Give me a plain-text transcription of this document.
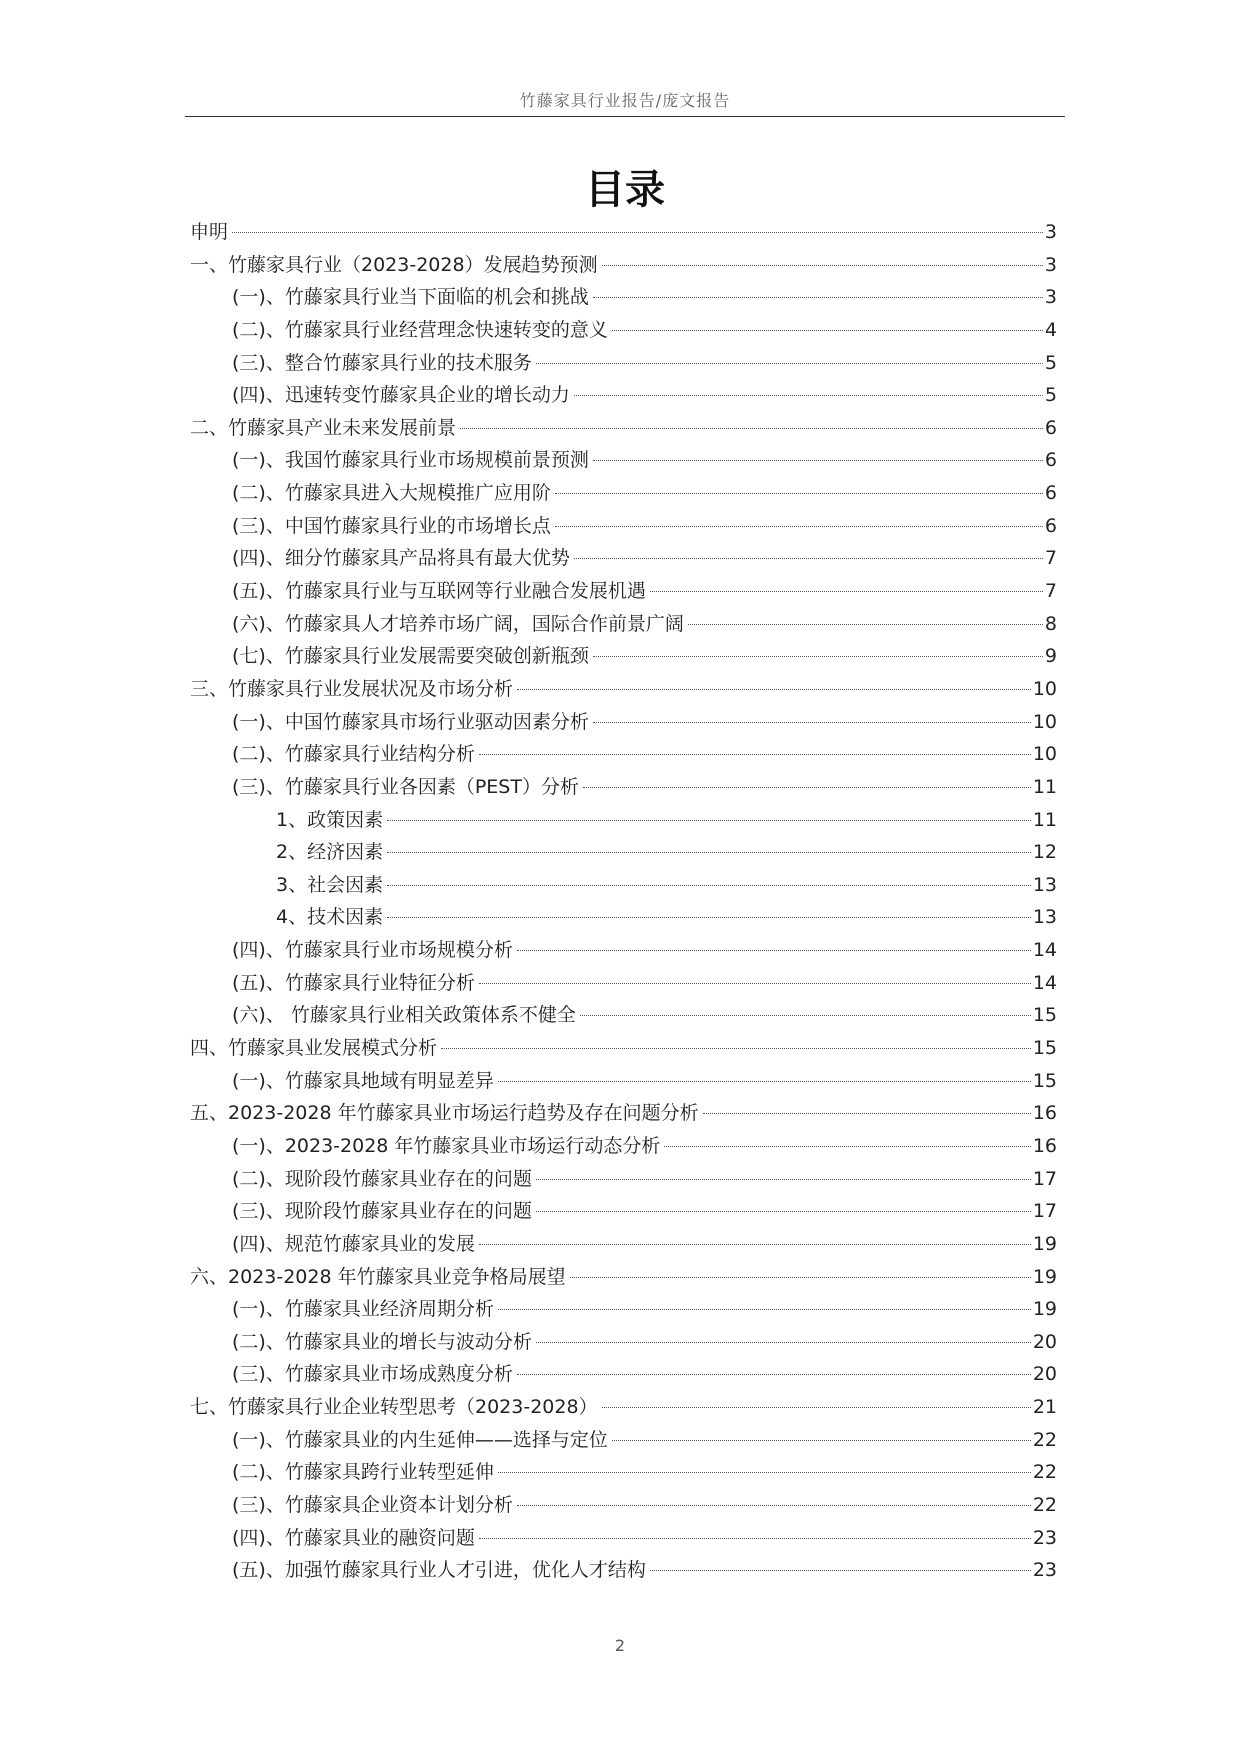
竹藤家具行业报告/庞文报告
目录
申明	3
一、竹藤家具行业（2023-2028）发展趋势预测	3
(一)、竹藤家具行业当下面临的机会和挑战	3
(二)、竹藤家具行业经营理念快速转变的意义	4
(三)、整合竹藤家具行业的技术服务	5
(四)、迅速转变竹藤家具企业的增长动力	5
二、竹藤家具产业未来发展前景	6
(一)、我国竹藤家具行业市场规模前景预测	6
(二)、竹藤家具进入大规模推广应用阶	6
(三)、中国竹藤家具行业的市场增长点	6
(四)、细分竹藤家具产品将具有最大优势	7
(五)、竹藤家具行业与互联网等行业融合发展机遇	7
(六)、竹藤家具人才培养市场广阔，国际合作前景广阔	8
(七)、竹藤家具行业发展需要突破创新瓶颈	9
三、竹藤家具行业发展状况及市场分析	10
(一)、中国竹藤家具市场行业驱动因素分析	10
(二)、竹藤家具行业结构分析	10
(三)、竹藤家具行业各因素（PEST）分析	11
1、政策因素	11
2、经济因素	12
3、社会因素	13
4、技术因素	13
(四)、竹藤家具行业市场规模分析	14
(五)、竹藤家具行业特征分析	14
(六)、 竹藤家具行业相关政策体系不健全	15
四、竹藤家具业发展模式分析	15
(一)、竹藤家具地域有明显差异	15
五、2023-2028 年竹藤家具业市场运行趋势及存在问题分析	16
(一)、2023-2028 年竹藤家具业市场运行动态分析	16
(二)、现阶段竹藤家具业存在的问题	17
(三)、现阶段竹藤家具业存在的问题	17
(四)、规范竹藤家具业的发展	19
六、2023-2028 年竹藤家具业竞争格局展望	19
(一)、竹藤家具业经济周期分析	19
(二)、竹藤家具业的增长与波动分析	20
(三)、竹藤家具业市场成熟度分析	20
七、竹藤家具行业企业转型思考（2023-2028）	21
(一)、竹藤家具业的内生延伸——选择与定位	22
(二)、竹藤家具跨行业转型延伸	22
(三)、竹藤家具企业资本计划分析	22
(四)、竹藤家具业的融资问题	23
(五)、加强竹藤家具行业人才引进，优化人才结构	23
2
